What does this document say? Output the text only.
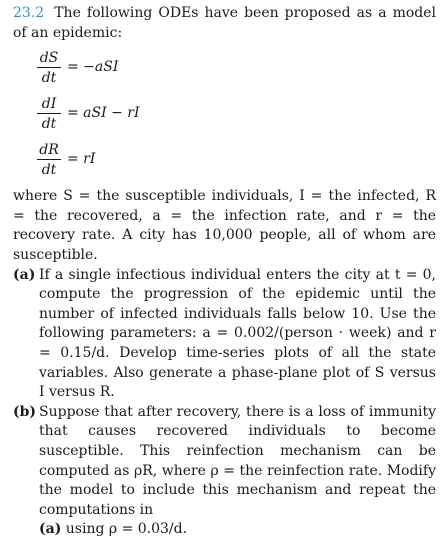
23.2 The following ODEs have been proposed as a model of an epidemic:
$\frac{dS}{dt} = -aSI$
$\frac{dI}{dt}$ = aSI − rI
$\frac{dR}{dt}$ = rI
where S = the susceptible individuals, I = the infected, R = the recovered, a = the infection rate, and r = the recovery rate. A city has 10,000 people, all of whom are susceptible.
(a) If a single infectious individual enters the city at t = 0, compute the progression of the epidemic until the number of infected individuals falls below 10. Use the following parameters: a = 0.002/(person · week) and r = 0.15/d. Develop time-series plots of all the state variables. Also generate a phase-plane plot of S versus I versus R.
(b) Suppose that after recovery, there is a loss of immunity that causes recovered individuals to become susceptible. This reinfection mechanism can be computed as ρR, where ρ = the reinfection rate. Modify the model to include this mechanism and repeat the computations in
(a) using ρ = 0.03/d.
